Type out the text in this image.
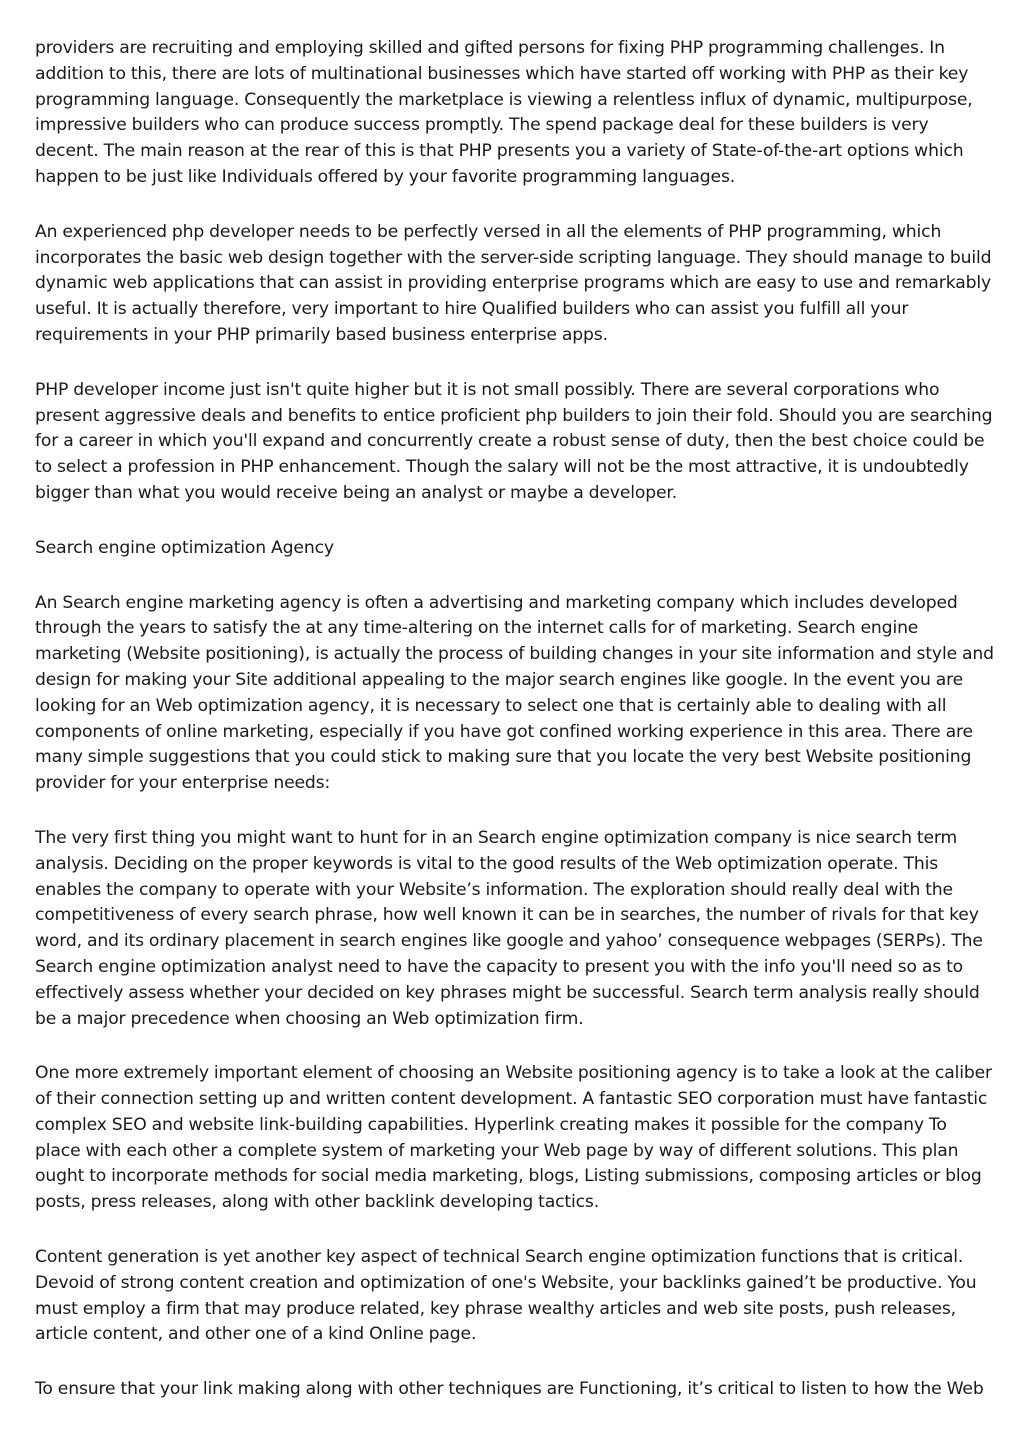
providers are recruiting and employing skilled and gifted persons for fixing PHP programming challenges. In addition to this, there are lots of multinational businesses which have started off working with PHP as their key programming language. Consequently the marketplace is viewing a relentless influx of dynamic, multipurpose, impressive builders who can produce success promptly. The spend package deal for these builders is very decent. The main reason at the rear of this is that PHP presents you a variety of State-of-the-art options which happen to be just like Individuals offered by your favorite programming languages.

An experienced php developer needs to be perfectly versed in all the elements of PHP programming, which incorporates the basic web design together with the server-side scripting language. They should manage to build dynamic web applications that can assist in providing enterprise programs which are easy to use and remarkably useful. It is actually therefore, very important to hire Qualified builders who can assist you fulfill all your requirements in your PHP primarily based business enterprise apps.

PHP developer income just isn't quite higher but it is not small possibly. There are several corporations who present aggressive deals and benefits to entice proficient php builders to join their fold. Should you are searching for a career in which you'll expand and concurrently create a robust sense of duty, then the best choice could be to select a profession in PHP enhancement. Though the salary will not be the most attractive, it is undoubtedly bigger than what you would receive being an analyst or maybe a developer.

Search engine optimization Agency

An Search engine marketing agency is often a advertising and marketing company which includes developed through the years to satisfy the at any time-altering on the internet calls for of marketing. Search engine marketing (Website positioning), is actually the process of building changes in your site information and style and design for making your Site additional appealing to the major search engines like google. In the event you are looking for an Web optimization agency, it is necessary to select one that is certainly able to dealing with all components of online marketing, especially if you have got confined working experience in this area. There are many simple suggestions that you could stick to making sure that you locate the very best Website positioning provider for your enterprise needs:

The very first thing you might want to hunt for in an Search engine optimization company is nice search term analysis. Deciding on the proper keywords is vital to the good results of the Web optimization operate. This enables the company to operate with your Website’s information. The exploration should really deal with the competitiveness of every search phrase, how well known it can be in searches, the number of rivals for that key word, and its ordinary placement in search engines like google and yahoo’ consequence webpages (SERPs). The Search engine optimization analyst need to have the capacity to present you with the info you'll need so as to effectively assess whether your decided on key phrases might be successful. Search term analysis really should be a major precedence when choosing an Web optimization firm.

One more extremely important element of choosing an Website positioning agency is to take a look at the caliber of their connection setting up and written content development. A fantastic SEO corporation must have fantastic complex SEO and website link-building capabilities. Hyperlink creating makes it possible for the company To place with each other a complete system of marketing your Web page by way of different solutions. This plan ought to incorporate methods for social media marketing, blogs, Listing submissions, composing articles or blog posts, press releases, along with other backlink developing tactics.

Content generation is yet another key aspect of technical Search engine optimization functions that is critical. Devoid of strong content creation and optimization of one's Website, your backlinks gained’t be productive. You must employ a firm that may produce related, key phrase wealthy articles and web site posts, push releases, article content, and other one of a kind Online page.

To ensure that your link making along with other techniques are Functioning, it’s critical to listen to how the Web
